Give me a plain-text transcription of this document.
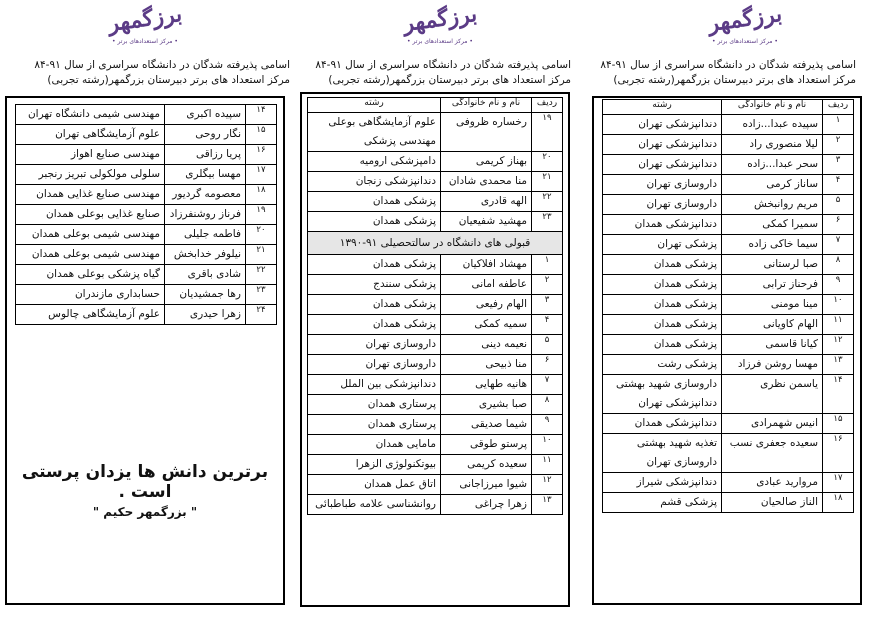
برزگمهر
• مرکز استعدادهای برتر •
اسامی پذیرفته شدگان در دانشگاه سراسری از سال ۹۱-۸۴
مرکز استعداد های برتر دبیرستان بزرگمهر(رشته تجربی)
۱۴	سپیده اکبری	مهندسی شیمی دانشگاه تهران
۱۵	نگار روحی	علوم آزمایشگاهی تهران
۱۶	پریا رزاقی	مهندسی صنایع اهواز
۱۷	مهسا بیگلری	سلولی مولکولی تبریز رنجبر
۱۸	معصومه گردیور	مهندسی صنایع غذایی همدان
۱۹	فرناز روشنفرزاد	صنایع غذایی بوعلی همدان
۲۰	فاطمه جلیلی	مهندسی شیمی بوعلی همدان
۲۱	نیلوفر خدابخش	مهندسی شیمی بوعلی همدان
۲۲	شادی باقری	گیاه پزشکی بوعلی همدان
۲۳	رها جمشیدیان	حسابداری مازندران
۲۴	زهرا حیدری	علوم آزمایشگاهی چالوس
برترین دانش ها یزدان پرستی است .
" بزرگمهر حکیم "
برزگمهر
• مرکز استعدادهای برتر •
اسامی پذیرفته شدگان در دانشگاه سراسری از سال ۹۱-۸۴
مرکز استعداد های برتر دبیرستان بزرگمهر(رشته تجربی)
ردیف	نام و نام خانوادگی	رشته
۱۹	رخساره ظروفی	علوم آزمایشگاهی بوعلی مهندسی پزشکی
۲۰	بهناز کریمی	دامپزشکی ارومیه
۲۱	منا محمدی شادان	دندانپزشکی زنجان
۲۲	الهه قادری	پزشکی همدان
۲۳	مهشید شفیعیان	پزشکی همدان
قبولی های دانشگاه در سالتحصیلی ۹۱-۱۳۹۰		
۱	مهشاد افلاکیان	پزشکی همدان
۲	عاطفه امانی	پزشکی سنندج
۳	الهام رفیعی	پزشکی همدان
۴	سمیه کمکی	پزشکی همدان
۵	نعیمه دینی	داروسازی تهران
۶	منا ذبیحی	داروسازی تهران
۷	هانیه طهایی	دندانپزشکی بین الملل
۸	صبا بشیری	پرستاری همدان
۹	شیما صدیقی	پرستاری همدان
۱۰	پرستو طوقی	مامایی همدان
۱۱	سعیده کریمی	بیوتکنولوژی الزهرا
۱۲	شیوا میرزاجانی	اتاق عمل همدان
۱۳	زهرا چراغی	روانشناسی علامه طباطبائی
برزگمهر
• مرکز استعدادهای برتر •
اسامی پذیرفته شدگان در دانشگاه سراسری از سال ۹۱-۸۴
مرکز استعداد های برتر دبیرستان بزرگمهر(رشته تجربی)
ردیف	نام و نام خانوادگی	رشته
۱	سپیده عبدا...زاده	دندانپزشکی تهران
۲	لیلا منصوری راد	دندانپزشکی تهران
۳	سحر عبدا...زاده	دندانپزشکی تهران
۴	ساناز کرمی	داروسازی تهران
۵	مریم روانبخش	داروسازی تهران
۶	سمیرا کمکی	دندانپزشکی همدان
۷	سیما خاکی زاده	پزشکی تهران
۸	صبا لرستانی	پزشکی همدان
۹	فرحناز ترابی	پزشکی همدان
۱۰	مینا مومنی	پزشکی همدان
۱۱	الهام کاویانی	پزشکی همدان
۱۲	کیانا قاسمی	پزشکی همدان
۱۳	مهسا روشن فرزاد	پزشکی رشت
۱۴	یاسمن نظری	داروسازی شهید بهشتی دندانپزشکی تهران
۱۵	انیس شهمرادی	دندانپزشکی همدان
۱۶	سعیده جعفری نسب	تغذیه شهید بهشتی داروسازی تهران
۱۷	مروارید عبادی	دندانپزشکی شیراز
۱۸	الناز صالحیان	پزشکی قشم
